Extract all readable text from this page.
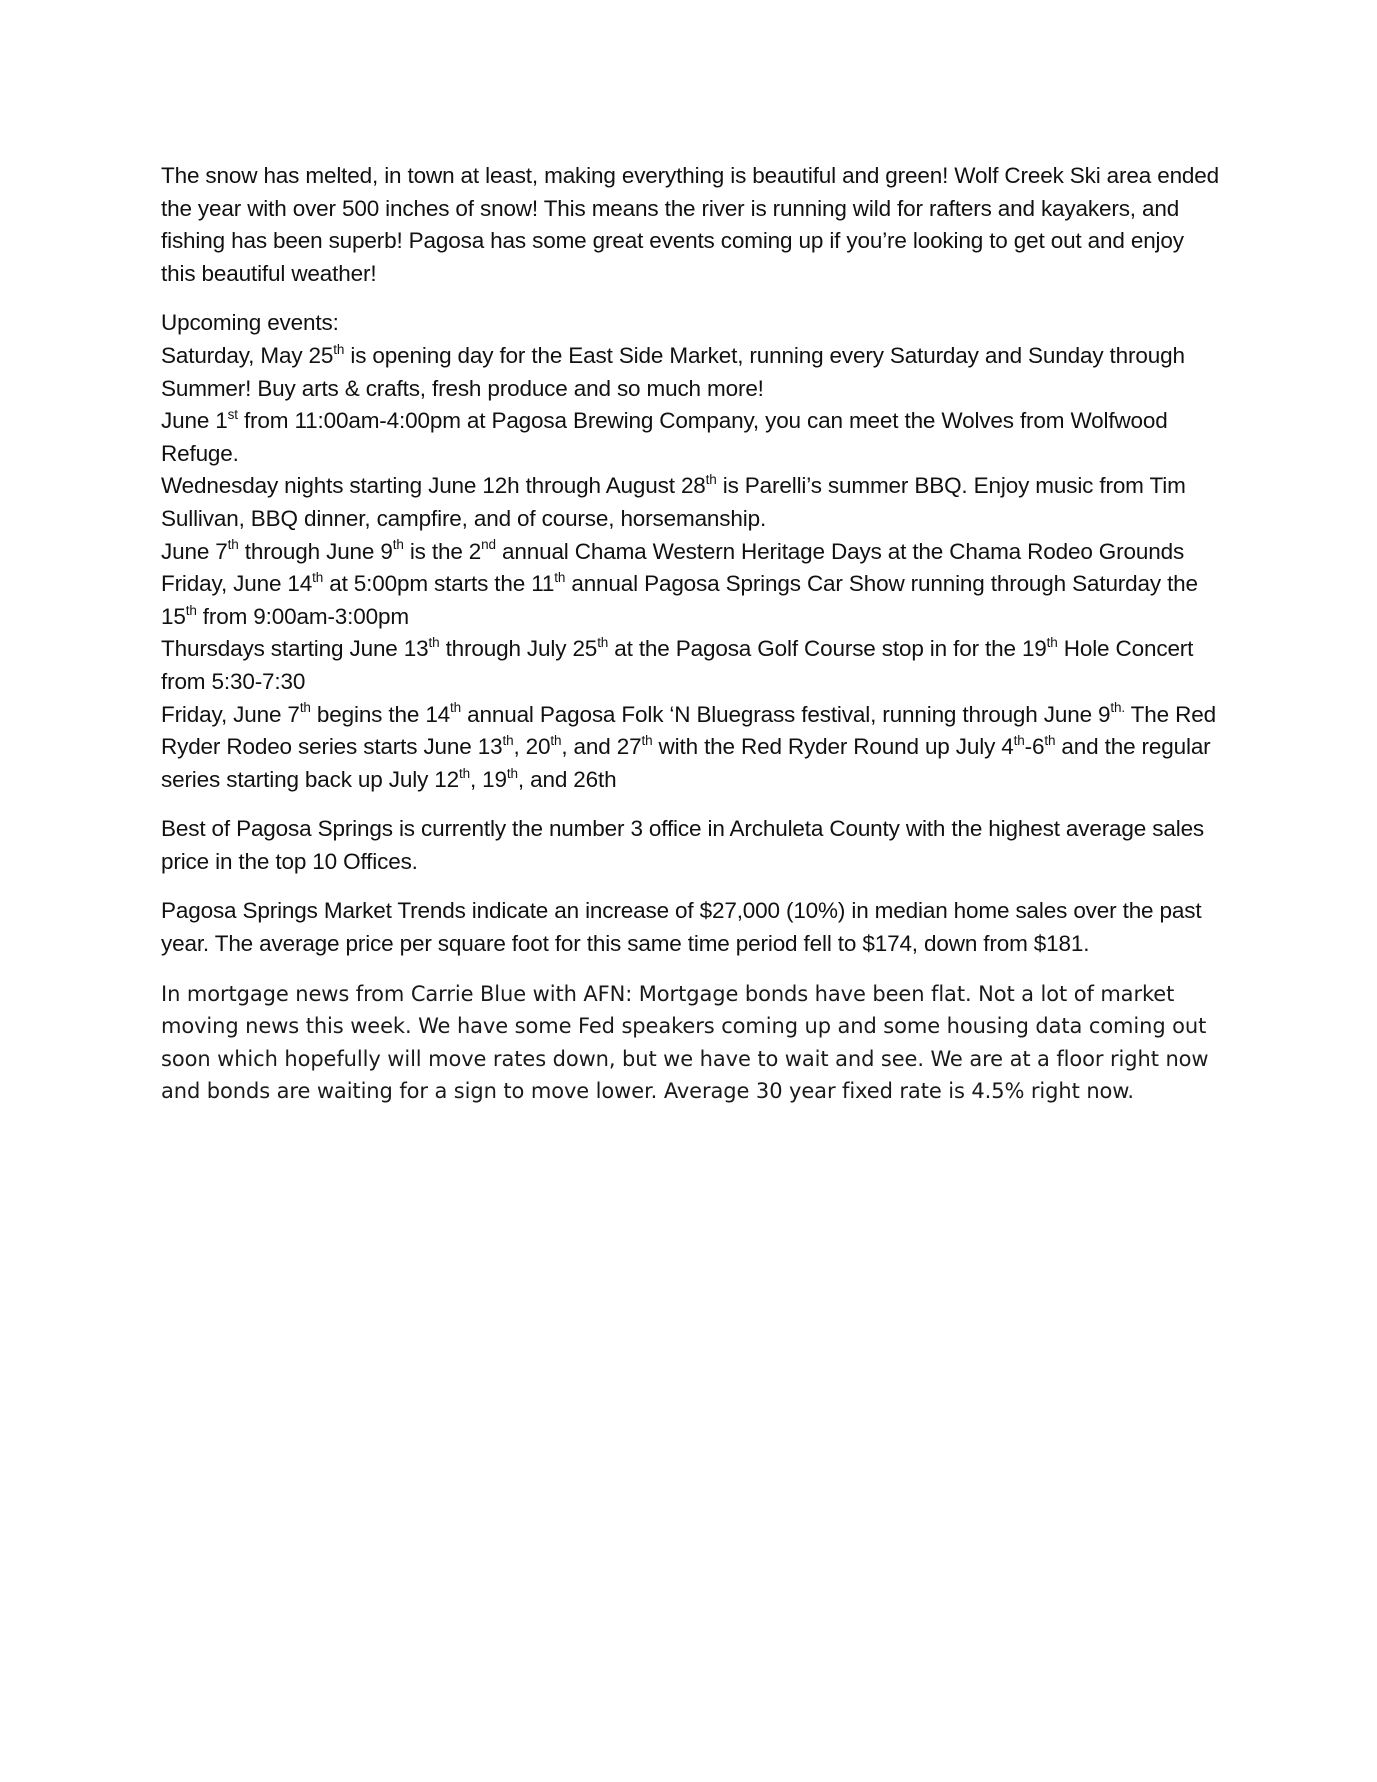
The snow has melted, in town at least, making everything is beautiful and green! Wolf Creek Ski area ended the year with over 500 inches of snow! This means the river is running wild for rafters and kayakers, and fishing has been superb! Pagosa has some great events coming up if you’re looking to get out and enjoy this beautiful weather!

Upcoming events:

Saturday, May 25th is opening day for the East Side Market, running every Saturday and Sunday through Summer! Buy arts & crafts, fresh produce and so much more!

June 1st from 11:00am-4:00pm at Pagosa Brewing Company, you can meet the Wolves from Wolfwood Refuge.

Wednesday nights starting June 12h through August 28th is Parelli’s summer BBQ. Enjoy music from Tim Sullivan, BBQ dinner, campfire, and of course, horsemanship.

June 7th through June 9th is the 2nd annual Chama Western Heritage Days at the Chama Rodeo Grounds

Friday, June 14th at 5:00pm starts the 11th annual Pagosa Springs Car Show running through Saturday the 15th from 9:00am-3:00pm

Thursdays starting June 13th through July 25th at the Pagosa Golf Course stop in for the 19th Hole Concert from 5:30-7:30

Friday, June 7th begins the 14th annual Pagosa Folk ‘N Bluegrass festival, running through June $9^{th.}$ The Red Ryder Rodeo series starts June 13th, 20th, and 27th with the Red Ryder Round up July 4th-6th and the regular series starting back up July 12th, 19th, and 26th

Best of Pagosa Springs is currently the number 3 office in Archuleta County with the highest average sales price in the top 10 Offices.

Pagosa Springs Market Trends indicate an increase of $27,000 (10%) in median home sales over the past year. The average price per square foot for this same time period fell to $174, down from $181.

In mortgage news from Carrie Blue with AFN: Mortgage bonds have been flat. Not a lot of market moving news this week. We have some Fed speakers coming up and some housing data coming out soon which hopefully will move rates down, but we have to wait and see. We are at a floor right now and bonds are waiting for a sign to move lower. Average 30 year fixed rate is 4.5% right now.
